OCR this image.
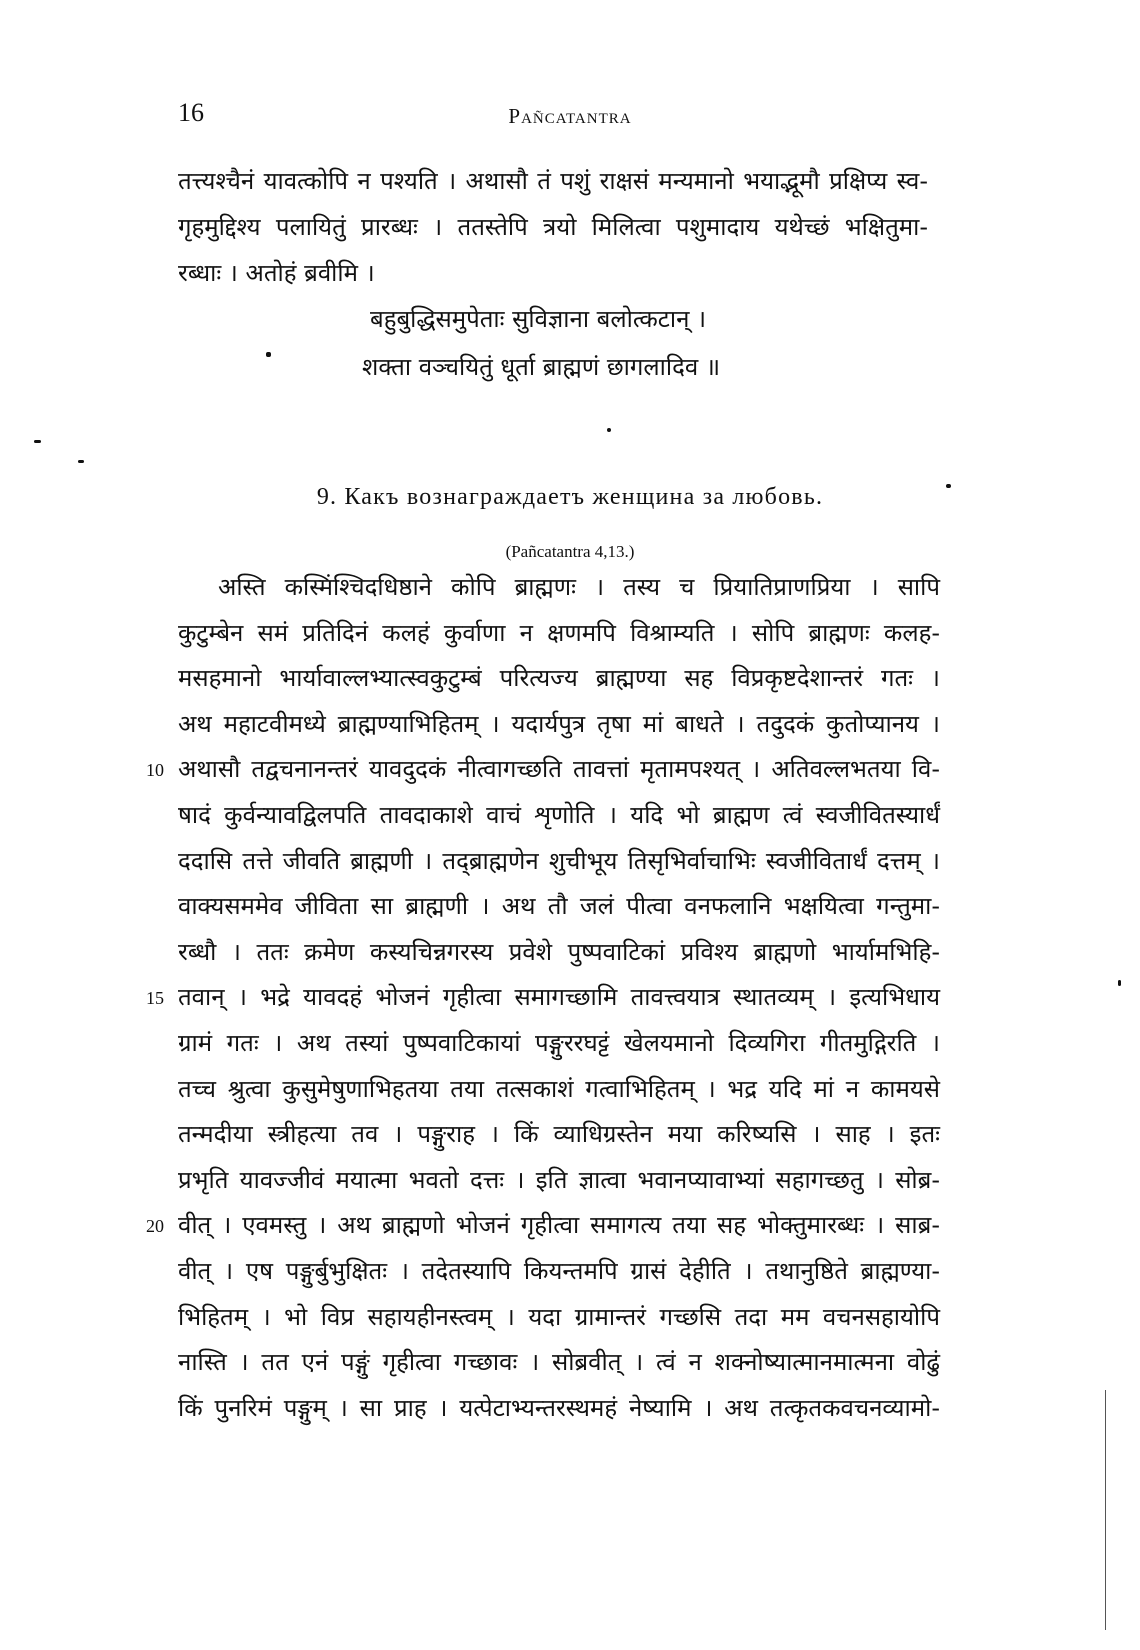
16	Pañcatantra
तत्त्यश्चैनं यावत्कोपि न पश्यति । अथासौ तं पशुं राक्षसं मन्यमानो भयाद्भूमौ प्रक्षिप्य स्व-
गृहमुद्दिश्य पलायितुं प्रारब्धः । ततस्तेपि त्रयो मिलित्वा पशुमादाय यथेच्छं भक्षितुमा-
रब्धाः । अतोहं ब्रवीमि ।
बहुबुद्धिसमुपेताः सुविज्ञाना बलोत्कटान् ।
शक्ता वञ्चयितुं धूर्ता ब्राह्मणं छागलादिव ॥
9. Какъ вознаграждаетъ женщина за любовь.
(Pañcatantra 4,13.)
अस्ति कस्मिंश्चिदधिष्ठाने कोपि ब्राह्मणः । तस्य च प्रियातिप्राणप्रिया । सापि
कुटुम्बेन समं प्रतिदिनं कलहं कुर्वाणा न क्षणमपि विश्राम्यति । सोपि ब्राह्मणः कलह-
मसहमानो भार्यावाल्लभ्यात्स्वकुटुम्बं परित्यज्य ब्राह्मण्या सह विप्रकृष्टदेशान्तरं गतः ।
अथ महाटवीमध्ये ब्राह्मण्याभिहितम् । यदार्यपुत्र तृषा मां बाधते । तदुदकं कुतोप्यानय ।
अथासौ तद्वचनानन्तरं यावदुदकं नीत्वागच्छति तावत्तां मृतामपश्यत् । अतिवल्लभतया वि-
10
षादं कुर्वन्यावद्विलपति तावदाकाशे वाचं शृणोति । यदि भो ब्राह्मण त्वं स्वजीवितस्यार्धं
ददासि तत्ते जीवति ब्राह्मणी । तद्ब्राह्मणेन शुचीभूय तिसृभिर्वाचाभिः स्वजीवितार्धं दत्तम् ।
वाक्यसममेव जीविता सा ब्राह्मणी । अथ तौ जलं पीत्वा वनफलानि भक्षयित्वा गन्तुमा-
रब्धौ । ततः क्रमेण कस्यचिन्नगरस्य प्रवेशे पुष्पवाटिकां प्रविश्य ब्राह्मणो भार्यामभिहि-
तवान् । भद्रे यावदहं भोजनं गृहीत्वा समागच्छामि तावत्त्वयात्र स्थातव्यम् । इत्यभिधाय
15
ग्रामं गतः । अथ तस्यां पुष्पवाटिकायां पङ्गुररघट्टं खेलयमानो दिव्यगिरा गीतमुद्गिरति ।
तच्च श्रुत्वा कुसुमेषुणाभिहतया तया तत्सकाशं गत्वाभिहितम् । भद्र यदि मां न कामयसे
तन्मदीया स्त्रीहत्या तव । पङ्गुराह । किं व्याधिग्रस्तेन मया करिष्यसि । साह । इतः
प्रभृति यावज्जीवं मयात्मा भवतो दत्तः । इति ज्ञात्वा भवानप्यावाभ्यां सहागच्छतु । सोब्र-
वीत् । एवमस्तु । अथ ब्राह्मणो भोजनं गृहीत्वा समागत्य तया सह भोक्तुमारब्धः । साब्र-
20
वीत् । एष पङ्गुर्बुभुक्षितः । तदेतस्यापि कियन्तमपि ग्रासं देहीति । तथानुष्ठिते ब्राह्मण्या-
भिहितम् । भो विप्र सहायहीनस्त्वम् । यदा ग्रामान्तरं गच्छसि तदा मम वचनसहायोपि
नास्ति । तत एनं पङ्गुं गृहीत्वा गच्छावः । सोब्रवीत् । त्वं न शक्नोष्यात्मानमात्मना वोढुं
किं पुनरिमं पङ्गुम् । सा प्राह । यत्पेटाभ्यन्तरस्थमहं नेष्यामि । अथ तत्कृतकवचनव्यामो-
